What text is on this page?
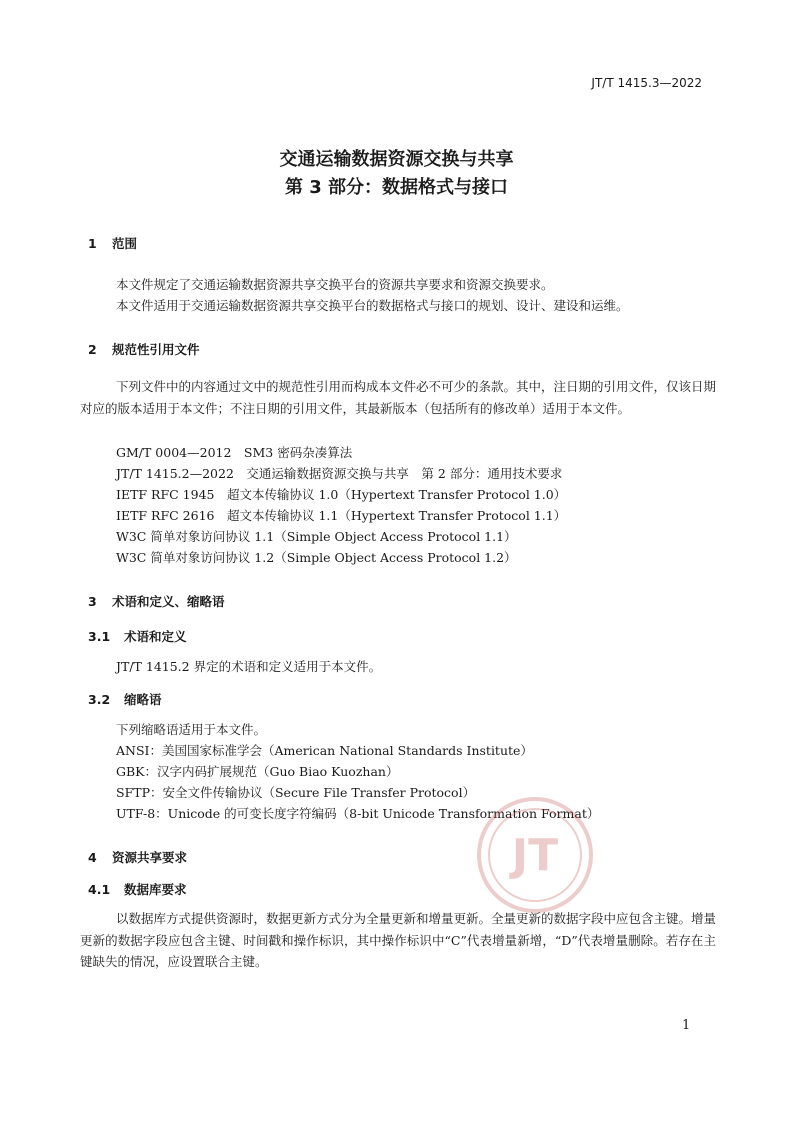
JT/T 1415.3—2022
交通运输数据资源交换与共享
第 3 部分：数据格式与接口
1 范围
本文件规定了交通运输数据资源共享交换平台的资源共享要求和资源交换要求。
本文件适用于交通运输数据资源共享交换平台的数据格式与接口的规划、设计、建设和运维。
2 规范性引用文件
下列文件中的内容通过文中的规范性引用而构成本文件必不可少的条款。其中，注日期的引用文件，仅该日期对应的版本适用于本文件；不注日期的引用文件，其最新版本（包括所有的修改单）适用于本文件。
GM/T 0004—2012　SM3 密码杂凑算法
JT/T 1415.2—2022　交通运输数据资源交换与共享　第 2 部分：通用技术要求
IETF RFC 1945　超文本传输协议 1.0（Hypertext Transfer Protocol 1.0）
IETF RFC 2616　超文本传输协议 1.1（Hypertext Transfer Protocol 1.1）
W3C 简单对象访问协议 1.1（Simple Object Access Protocol 1.1）
W3C 简单对象访问协议 1.2（Simple Object Access Protocol 1.2）
3 术语和定义、缩略语
3.1 术语和定义
JT/T 1415.2 界定的术语和定义适用于本文件。
3.2 缩略语
下列缩略语适用于本文件。
ANSI：美国国家标准学会（American National Standards Institute）
GBK：汉字内码扩展规范（Guo Biao Kuozhan）
SFTP：安全文件传输协议（Secure File Transfer Protocol）
UTF-8：Unicode 的可变长度字符编码（8-bit Unicode Transformation Format）
4 资源共享要求
4.1 数据库要求
以数据库方式提供资源时，数据更新方式分为全量更新和增量更新。全量更新的数据字段中应包含主键。增量更新的数据字段应包含主键、时间戳和操作标识，其中操作标识中“C”代表增量新增，“D”代表增量删除。若存在主键缺失的情况，应设置联合主键。
JT
1
